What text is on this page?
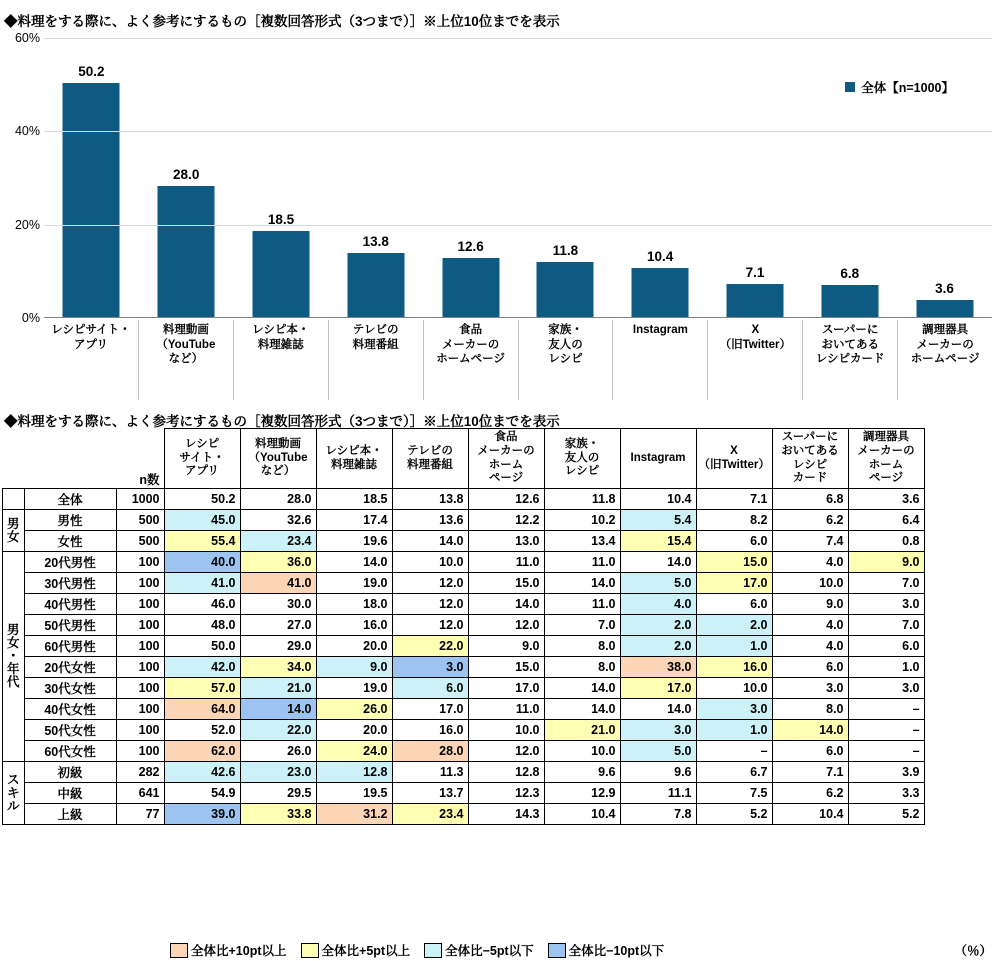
◆料理をする際に、よく参考にするもの［複数回答形式（3つまで）］※上位10位までを表示
60%
40%
20%
0%
50.2
28.0
18.5
13.8	12.6	11.8	10.4
7.1	6.8
3.6
レシピサイト・
アプリ
料理動画
（YouTube
など）
レシピ本・
料理雑誌
テレビの
料理番組
食品
メーカーの
ホームページ
家族・
友人の
レシピ
Instagram	X
（旧Twitter）
スーパーに
おいてある
レシピカード
調理器具
メーカーの
ホームページ
全体【n=1000】
◆料理をする際に、よく参考にするもの［複数回答形式（3つまで）］※上位10位までを表示
		n数	
レシピ
サイト・
アプリ

料理動画
（YouTube
など）

レシピ本・
料理雑誌

テレビの
料理番組

食品
メーカーの
ホーム
ページ

家族・
友人の
レシピ

Instagram

X
（旧Twitter）

スーパーに
おいてある
レシピ
カード

調理器具
メーカーの
ホーム
ページ

	全体	1000	50.2	28.0	18.5	13.8	12.6	11.8	10.4	7.1	6.8	3.6

男
女	男性	500	45.0	32.6	17.4	13.6	12.2	10.2	5.4	8.2	6.2	6.4
	女性	500	55.4	23.4	19.6	14.0	13.0	13.4	15.4	6.0	7.4	0.8

男
女
・
年
代	20代男性	100	40.0	36.0	14.0	10.0	11.0	11.0	14.0	15.0	4.0	9.0
	30代男性	100	41.0	41.0	19.0	12.0	15.0	14.0	5.0	17.0	10.0	7.0
	40代男性	100	46.0	30.0	18.0	12.0	14.0	11.0	4.0	6.0	9.0	3.0
	50代男性	100	48.0	27.0	16.0	12.0	12.0	7.0	2.0	2.0	4.0	7.0
	60代男性	100	50.0	29.0	20.0	22.0	9.0	8.0	2.0	1.0	4.0	6.0
	20代女性	100	42.0	34.0	9.0	3.0	15.0	8.0	38.0	16.0	6.0	1.0
	30代女性	100	57.0	21.0	19.0	6.0	17.0	14.0	17.0	10.0	3.0	3.0
	40代女性	100	64.0	14.0	26.0	17.0	11.0	14.0	14.0	3.0	8.0	–
	50代女性	100	52.0	22.0	20.0	16.0	10.0	21.0	3.0	1.0	14.0	–
	60代女性	100	62.0	26.0	24.0	28.0	12.0	10.0	5.0	–	6.0	–

ス
キ
ル	初級	282	42.6	23.0	12.8	11.3	12.8	9.6	9.6	6.7	7.1	3.9
	中級	641	54.9	29.5	19.5	13.7	12.3	12.9	11.1	7.5	6.2	3.3
	上級	77	39.0	33.8	31.2	23.4	14.3	10.4	7.8	5.2	10.4	5.2
全体比+10pt以上	全体比+5pt以上	全体比−5pt以下	全体比−10pt以下	（％）
